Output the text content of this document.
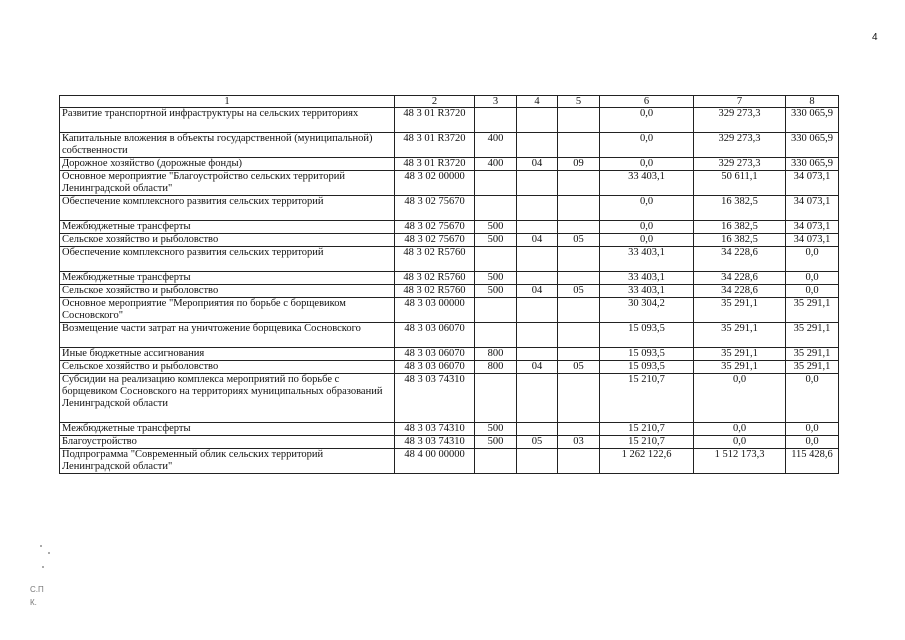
4
1	2	3	4	5	6	7	8
Развитие транспортной инфраструктуры на сельских территориях	48 3 01 R3720				0,0	329 273,3	330 065,9
Капитальные вложения в объекты государственной (муниципальной) собственности	48 3 01 R3720	400			0,0	329 273,3	330 065,9
Дорожное хозяйство (дорожные фонды)	48 3 01 R3720	400	04	09	0,0	329 273,3	330 065,9
Основное мероприятие "Благоустройство сельских территорий Ленинградской области"	48 3 02 00000				33 403,1	50 611,1	34 073,1
Обеспечение комплексного развития сельских территорий	48 3 02 75670				0,0	16 382,5	34 073,1
Межбюджетные трансферты	48 3 02 75670	500			0,0	16 382,5	34 073,1
Сельское хозяйство и рыболовство	48 3 02 75670	500	04	05	0,0	16 382,5	34 073,1
Обеспечение комплексного развития сельских территорий	48 3 02 R5760				33 403,1	34 228,6	0,0
Межбюджетные трансферты	48 3 02 R5760	500			33 403,1	34 228,6	0,0
Сельское хозяйство и рыболовство	48 3 02 R5760	500	04	05	33 403,1	34 228,6	0,0
Основное мероприятие "Мероприятия по борьбе с борщевиком Сосновского"	48 3 03 00000				30 304,2	35 291,1	35 291,1
Возмещение части затрат на уничтожение борщевика Сосновского	48 3 03 06070				15 093,5	35 291,1	35 291,1
Иные бюджетные ассигнования	48 3 03 06070	800			15 093,5	35 291,1	35 291,1
Сельское хозяйство и рыболовство	48 3 03 06070	800	04	05	15 093,5	35 291,1	35 291,1
Субсидии на реализацию комплекса мероприятий по борьбе с борщевиком Сосновского на территориях муниципальных образований Ленинградской области	48 3 03 74310				15 210,7	0,0	0,0
Межбюджетные трансферты	48 3 03 74310	500			15 210,7	0,0	0,0
Благоустройство	48 3 03 74310	500	05	03	15 210,7	0,0	0,0
Подпрограмма "Современный облик сельских территорий Ленинградской области"	48 4 00 00000				1 262 122,6	1 512 173,3	115 428,6
С.П
К.
